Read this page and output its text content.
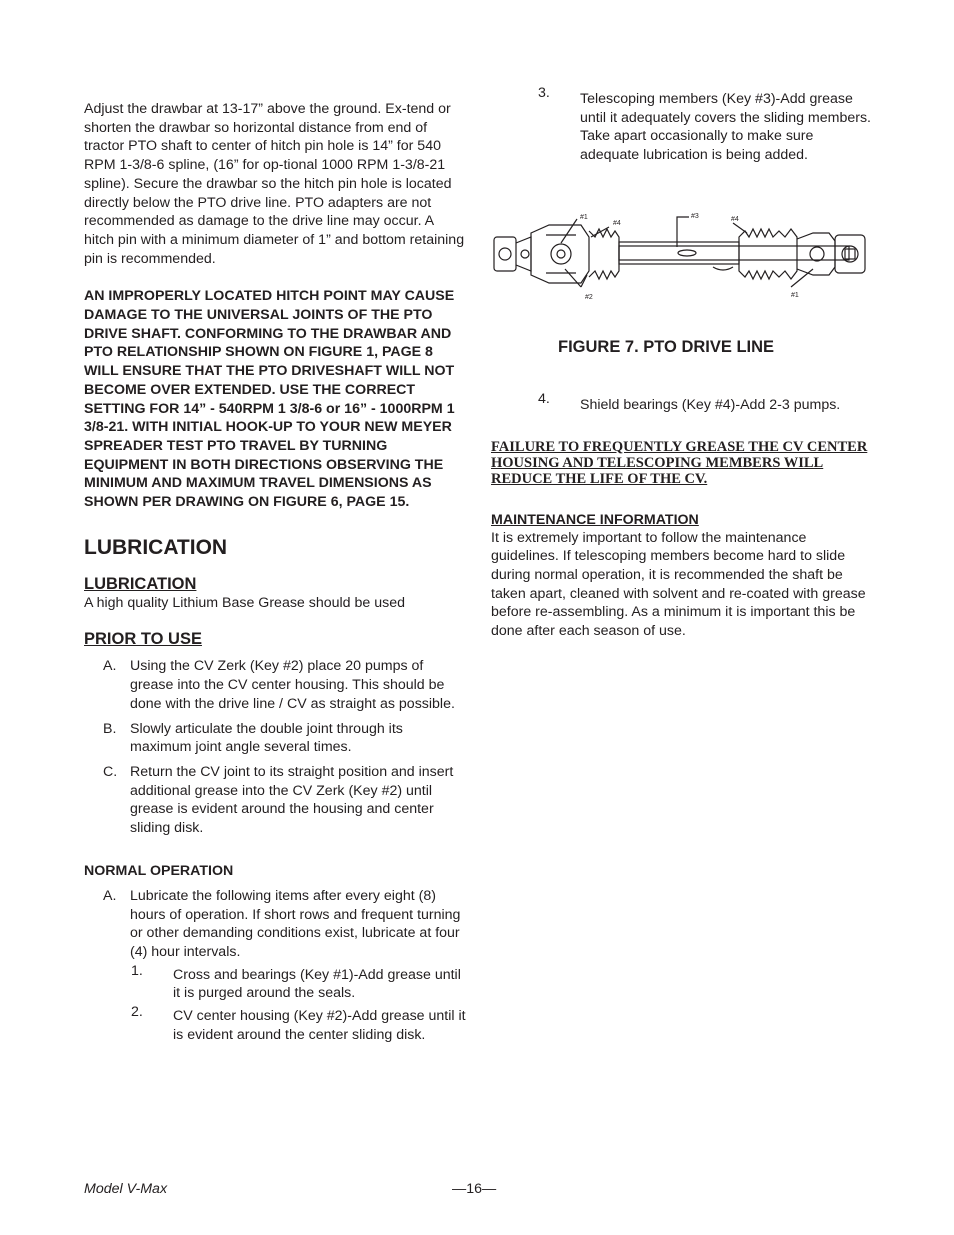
Adjust the drawbar at 13-17” above the ground. Ex-tend or shorten the drawbar so horizontal distance from end of tractor PTO shaft to center of hitch pin hole is 14” for 540 RPM 1-3/8-6 spline, (16” for op-tional 1000 RPM 1-3/8-21 spline). Secure the drawbar so the hitch pin hole is located directly below the PTO drive line. PTO adapters are not recommended as damage to the drive line may occur. A hitch pin with a minimum diameter of 1” and bottom retaining pin is recommended.

AN IMPROPERLY LOCATED HITCH POINT MAY CAUSE DAMAGE TO THE UNIVERSAL JOINTS OF THE PTO DRIVE SHAFT. CONFORMING TO THE DRAWBAR AND PTO RELATIONSHIP SHOWN ON FIGURE 1, PAGE 8 WILL ENSURE THAT THE PTO DRIVESHAFT WILL NOT BECOME OVER EXTENDED. USE THE CORRECT SETTING FOR 14” - 540RPM 1 3/8-6 or 16” - 1000RPM 1 3/8-21. WITH INITIAL HOOK-UP TO YOUR NEW MEYER SPREADER TEST PTO TRAVEL BY TURNING EQUIPMENT IN BOTH DIRECTIONS OBSERVING THE MINIMUM AND MAXIMUM TRAVEL DIMENSIONS AS SHOWN PER DRAWING ON FIGURE 6, PAGE 15.

LUBRICATION
LUBRICATION

A high quality Lithium Base Grease should be used

PRIOR TO USE
A. Using the CV Zerk (Key #2) place 20 pumps of grease into the CV center housing. This should be done with the drive line / CV as straight as possible.
B. Slowly articulate the double joint through its maximum joint angle several times.
C. Return the CV joint to its straight position and insert additional grease into the CV Zerk (Key #2) until grease is evident around the housing and center sliding disk.
NORMAL OPERATION
A. Lubricate the following items after every eight (8) hours of operation. If short rows and frequent turning or other demanding conditions exist, lubricate at four (4) hour intervals.
1. Cross and bearings (Key #1)-Add grease until it is purged around the seals.
2. CV center housing (Key #2)-Add grease until it is evident around the center sliding disk.
3. Telescoping members (Key #3)-Add grease until it adequately covers the sliding members. Take apart occasionally to make sure adequate lubrication is being added.
#1
#4
#3	#4
#2	#1
FIGURE 7. PTO DRIVE LINE
4. Shield bearings (Key #4)-Add 2-3 pumps.

FAILURE TO FREQUENTLY GREASE THE CV CENTER HOUSING AND TELESCOPING MEMBERS WILL REDUCE THE LIFE OF THE CV.

MAINTENANCE INFORMATION

It is extremely important to follow the maintenance guidelines. If telescoping members become hard to slide during normal operation, it is recommended the shaft be taken apart, cleaned with solvent and re-coated with grease before re-assembling. As a minimum it is important this be done after each season of use.

Model V-Max	—16—
